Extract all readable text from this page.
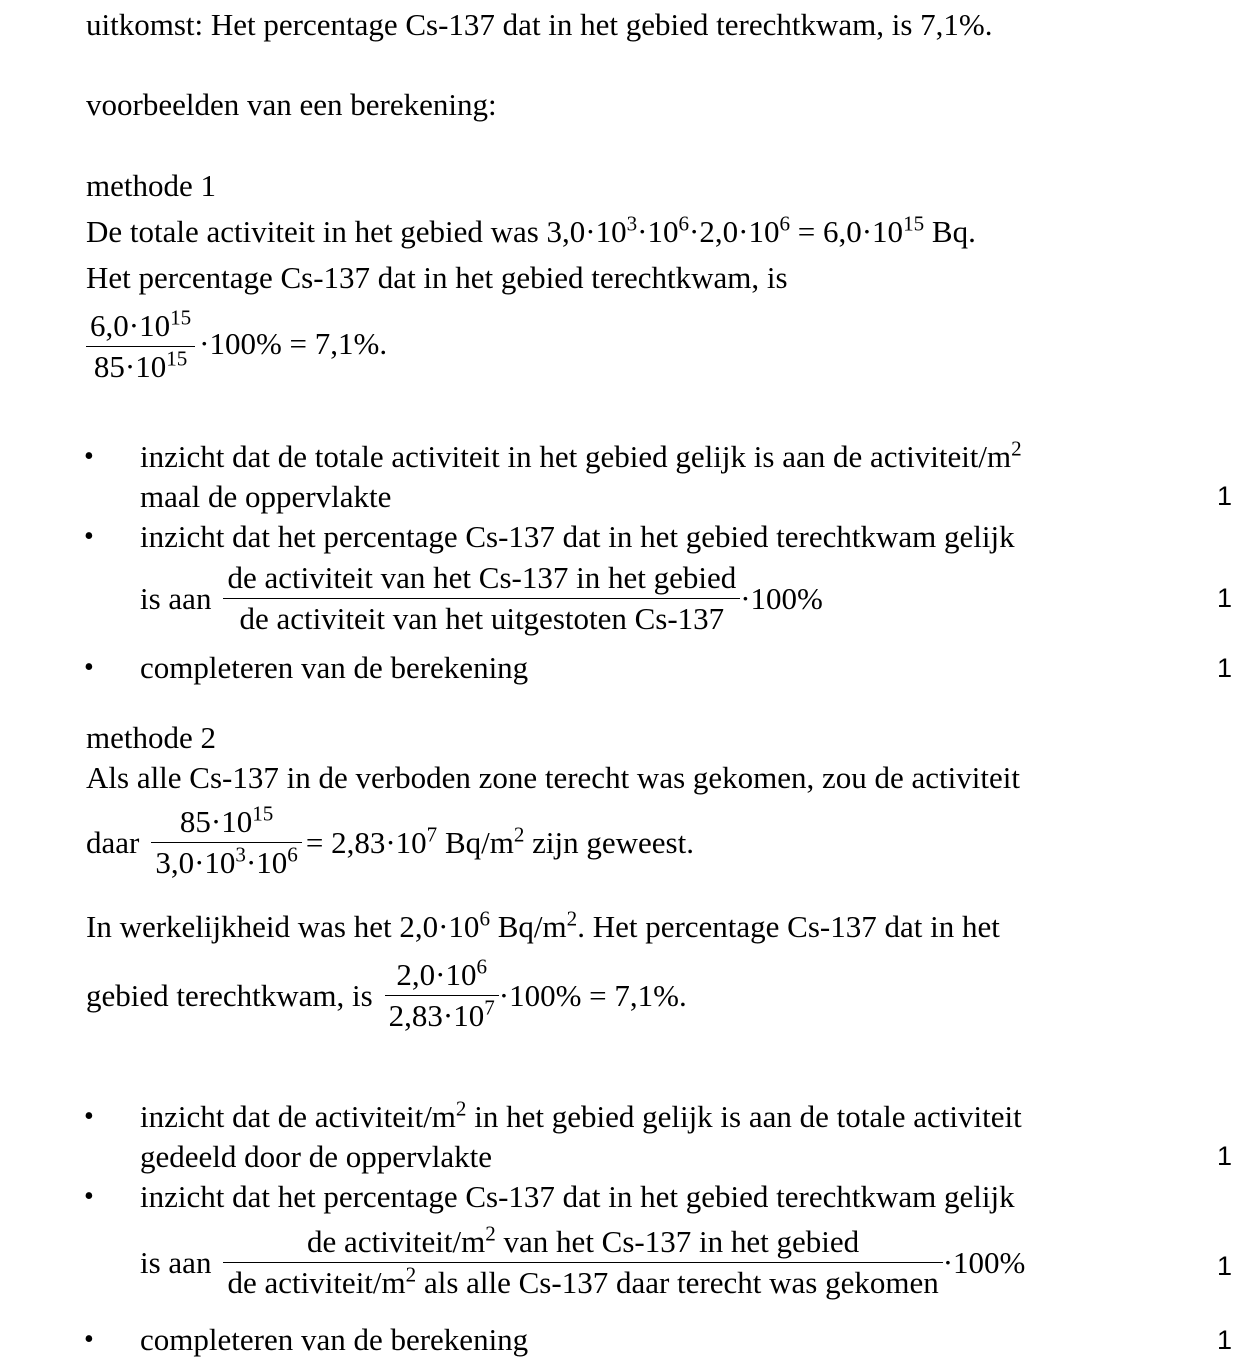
uitkomst: Het percentage Cs-137 dat in het gebied terechtkwam, is 7,1%.
voorbeelden van een berekening:
methode 1
De totale activiteit in het gebied was $3,0\cdot 10^3\cdot 10^6\cdot 2,0\cdot 10^6 = 6,0\cdot 10^{15}$ Bq.
Het percentage Cs-137 dat in het gebied terechtkwam, is
$\frac{6,0\cdot 10^{15}}{85\cdot 10^{15}} \cdot 100\% = 7,1\%$.
• inzicht dat de totale activiteit in het gebied gelijk is aan de activiteit/$m^2$
maal de oppervlakte	1
• inzicht dat het percentage Cs-137 dat in het gebied terechtkwam gelijk
is aan $\frac{\text{de activiteit van het Cs-137 in het gebied}}{\text{de activiteit van het uitgestoten Cs-137}} \cdot 100\%$	1
• completeren van de berekening	1
methode 2
Als alle Cs-137 in de verboden zone terecht was gekomen, zou de activiteit
daar $\frac{85\cdot 10^{15}}{3,0\cdot 10^3\cdot 10^6} = 2,83\cdot 10^7$ $Bq/m^2$ zijn geweest.
In werkelijkheid was het $2,0\cdot 10^6$ $Bq/m^2$. Het percentage Cs-137 dat in het
gebied terechtkwam, is $\frac{2,0\cdot 10^6}{2,83\cdot 10^7} \cdot 100\% = 7,1\%$.
• inzicht dat de activiteit/$m^2$ in het gebied gelijk is aan de totale activiteit
gedeeld door de oppervlakte	1
• inzicht dat het percentage Cs-137 dat in het gebied terechtkwam gelijk
is aan $\frac{de activiteit/m^2 van het Cs-137 in het gebied}{de activiteit/m^2 als alle Cs-137 daar terecht was gekomen} \cdot 100\%$	1
• completeren van de berekening	1
